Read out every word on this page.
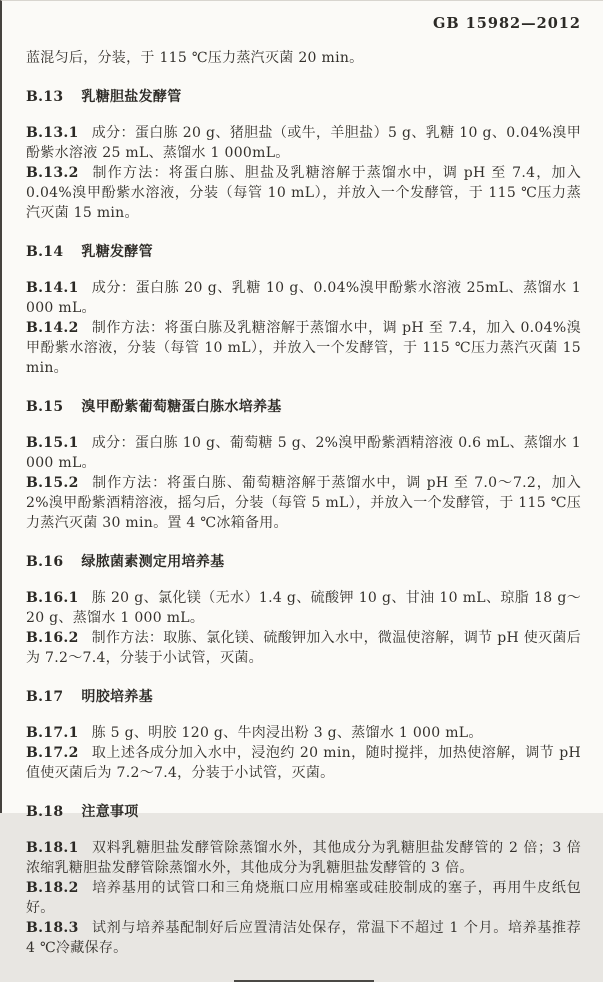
GB 15982—2012

蓝混匀后，分装，于 115 ℃压力蒸汽灭菌 20 min。

B.13 乳糖胆盐发酵管

B.13.1 成分：蛋白胨 20 g、猪胆盐（或牛，羊胆盐）5 g、乳糖 10 g、0.04%溴甲酚紫水溶液 25 mL、蒸馏水 1 000mL。

B.13.2 制作方法：将蛋白胨、胆盐及乳糖溶解于蒸馏水中，调 pH 至 7.4，加入 0.04%溴甲酚紫水溶液，分装（每管 10 mL），并放入一个发酵管，于 115 ℃压力蒸汽灭菌 15 min。

B.14 乳糖发酵管

B.14.1 成分：蛋白胨 20 g、乳糖 10 g、0.04%溴甲酚紫水溶液 25mL、蒸馏水 1 000 mL。

B.14.2 制作方法：将蛋白胨及乳糖溶解于蒸馏水中，调 pH 至 7.4，加入 0.04%溴甲酚紫水溶液，分装（每管 10 mL），并放入一个发酵管，于 115 ℃压力蒸汽灭菌 15 min。

B.15 溴甲酚紫葡萄糖蛋白胨水培养基

B.15.1 成分：蛋白胨 10 g、葡萄糖 5 g、2%溴甲酚紫酒精溶液 0.6 mL、蒸馏水 1 000 mL。

B.15.2 制作方法：将蛋白胨、葡萄糖溶解于蒸馏水中，调 pH 至 7.0～7.2，加入 2%溴甲酚紫酒精溶液，摇匀后，分装（每管 5 mL），并放入一个发酵管，于 115 ℃压力蒸汽灭菌 30 min。置 4 ℃冰箱备用。

B.16 绿脓菌素测定用培养基

B.16.1 胨 20 g、氯化镁（无水）1.4 g、硫酸钾 10 g、甘油 10 mL、琼脂 18 g～20 g、蒸馏水 1 000 mL。

B.16.2 制作方法：取胨、氯化镁、硫酸钾加入水中，微温使溶解，调节 pH 使灭菌后为 7.2～7.4，分装于小试管，灭菌。

B.17 明胶培养基

B.17.1 胨 5 g、明胶 120 g、牛肉浸出粉 3 g、蒸馏水 1 000 mL。

B.17.2 取上述各成分加入水中，浸泡约 20 min，随时搅拌，加热使溶解，调节 pH 值使灭菌后为 7.2～7.4，分装于小试管，灭菌。

B.18 注意事项

B.18.1 双料乳糖胆盐发酵管除蒸馏水外，其他成分为乳糖胆盐发酵管的 2 倍；3 倍浓缩乳糖胆盐发酵管除蒸馏水外，其他成分为乳糖胆盐发酵管的 3 倍。

B.18.2 培养基用的试管口和三角烧瓶口应用棉塞或硅胶制成的塞子，再用牛皮纸包好。

B.18.3 试剂与培养基配制好后应置清洁处保存，常温下不超过 1 个月。培养基推荐 4 ℃冷藏保存。
